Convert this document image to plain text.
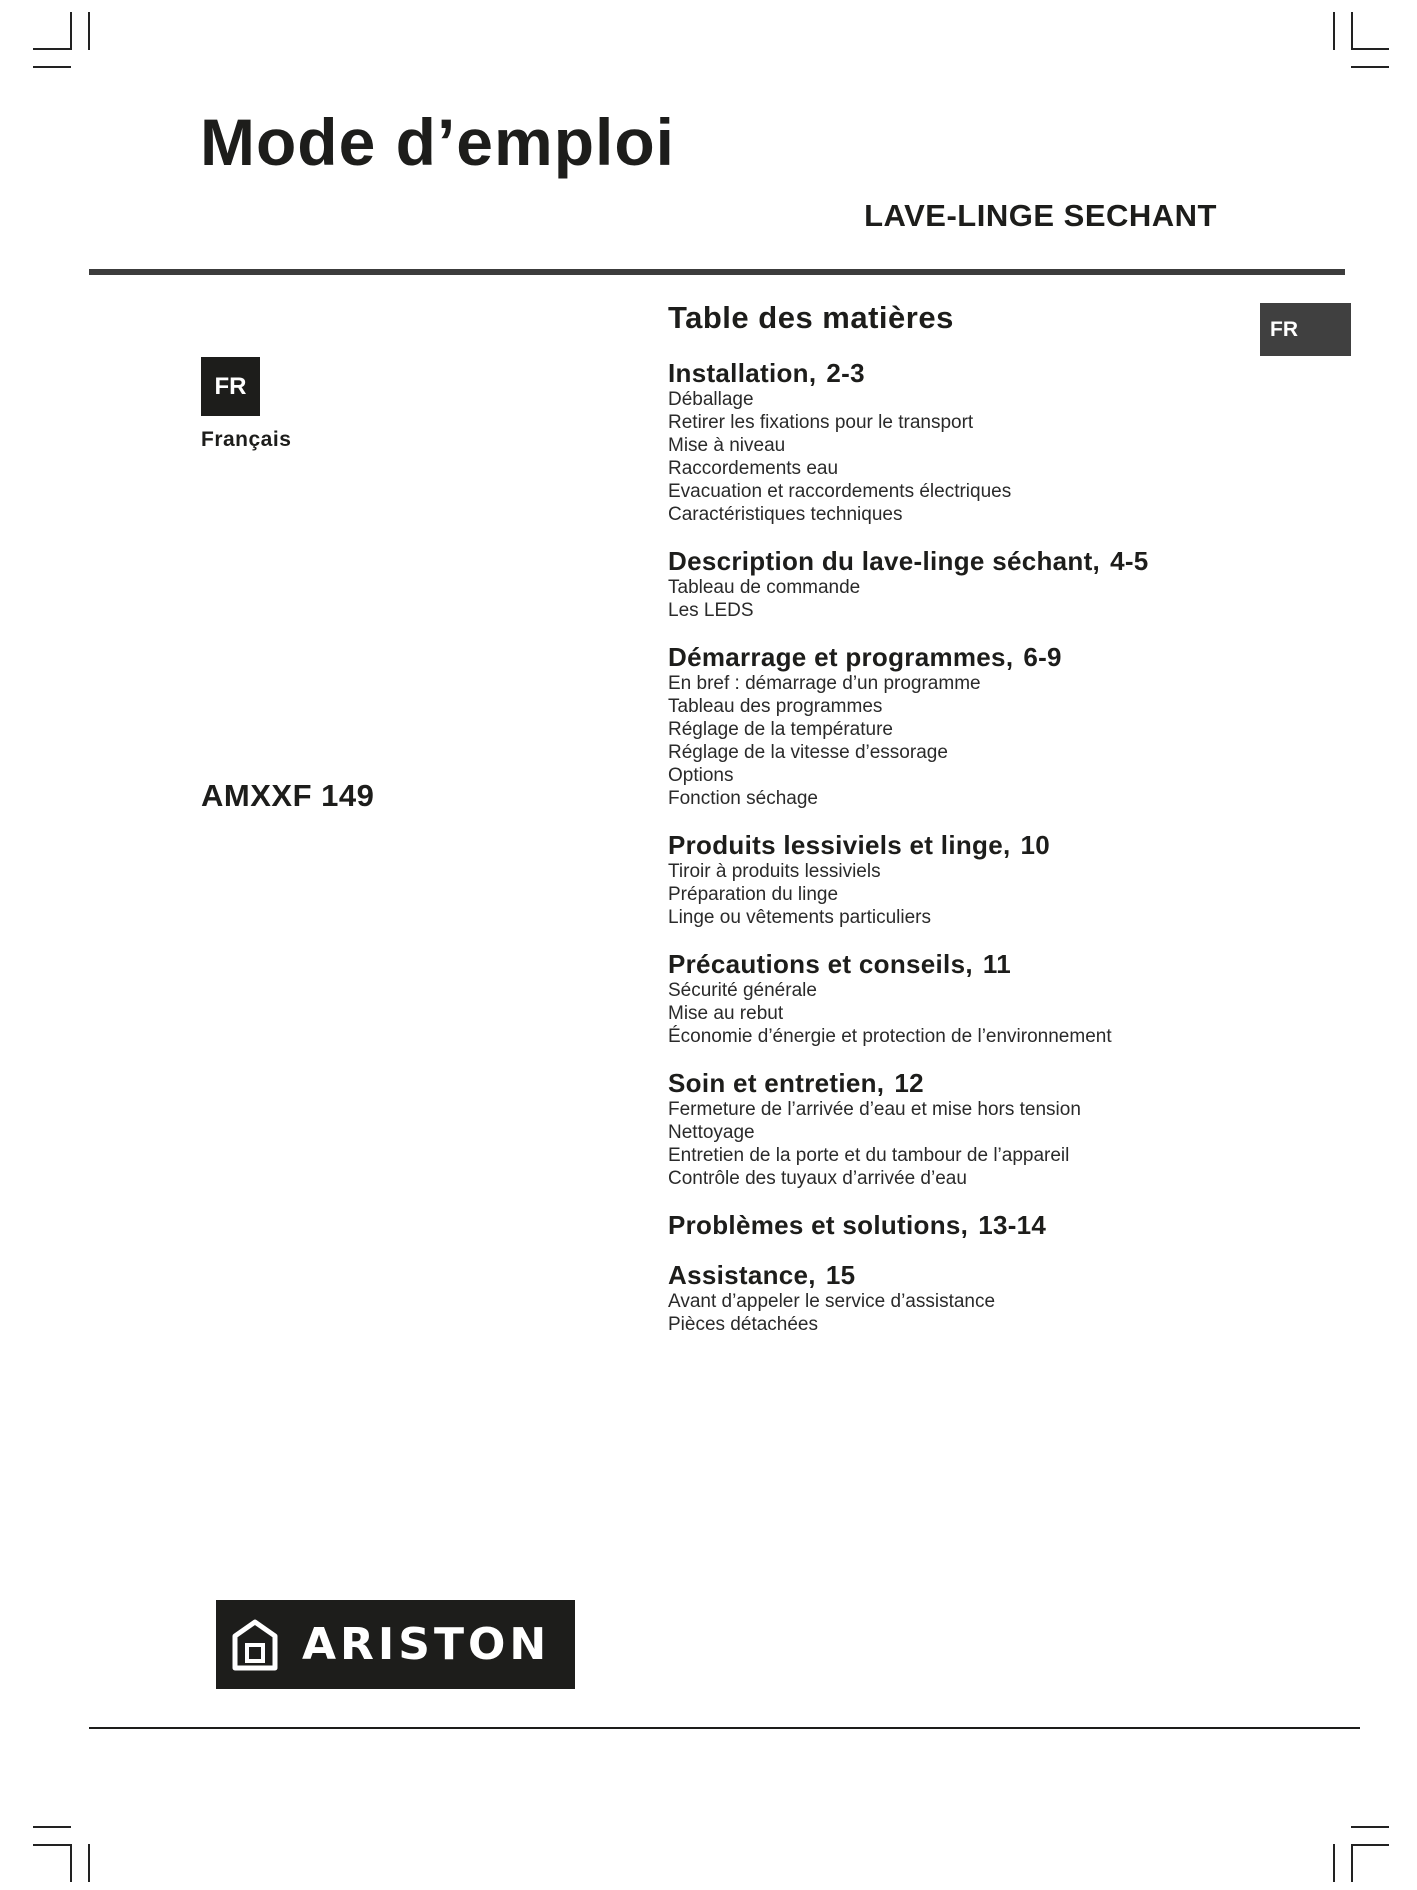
Mode d’emploi
LAVE-LINGE SECHANT
FR
Français
AMXXF 149
FR
Table des matières
Installation, 2-3
Déballage
Retirer les fixations pour le transport
Mise à niveau
Raccordements eau
Evacuation et raccordements électriques
Caractéristiques techniques
Description du lave-linge séchant, 4-5
Tableau de commande
Les LEDS
Démarrage et programmes, 6-9
En bref : démarrage d’un programme
Tableau des programmes
Réglage de la température
Réglage de la vitesse d’essorage
Options
Fonction séchage
Produits lessiviels et linge, 10
Tiroir à produits lessiviels
Préparation du linge
Linge ou vêtements particuliers
Précautions et conseils, 11
Sécurité générale
Mise au rebut
Économie d’énergie et protection de l’environnement
Soin et entretien, 12
Fermeture de l’arrivée d’eau et mise hors tension
Nettoyage
Entretien de la porte et du tambour de l’appareil
Contrôle des tuyaux d’arrivée d’eau
Problèmes et solutions, 13-14
Assistance, 15
Avant d’appeler le service d’assistance
Pièces détachées
ARISTON
